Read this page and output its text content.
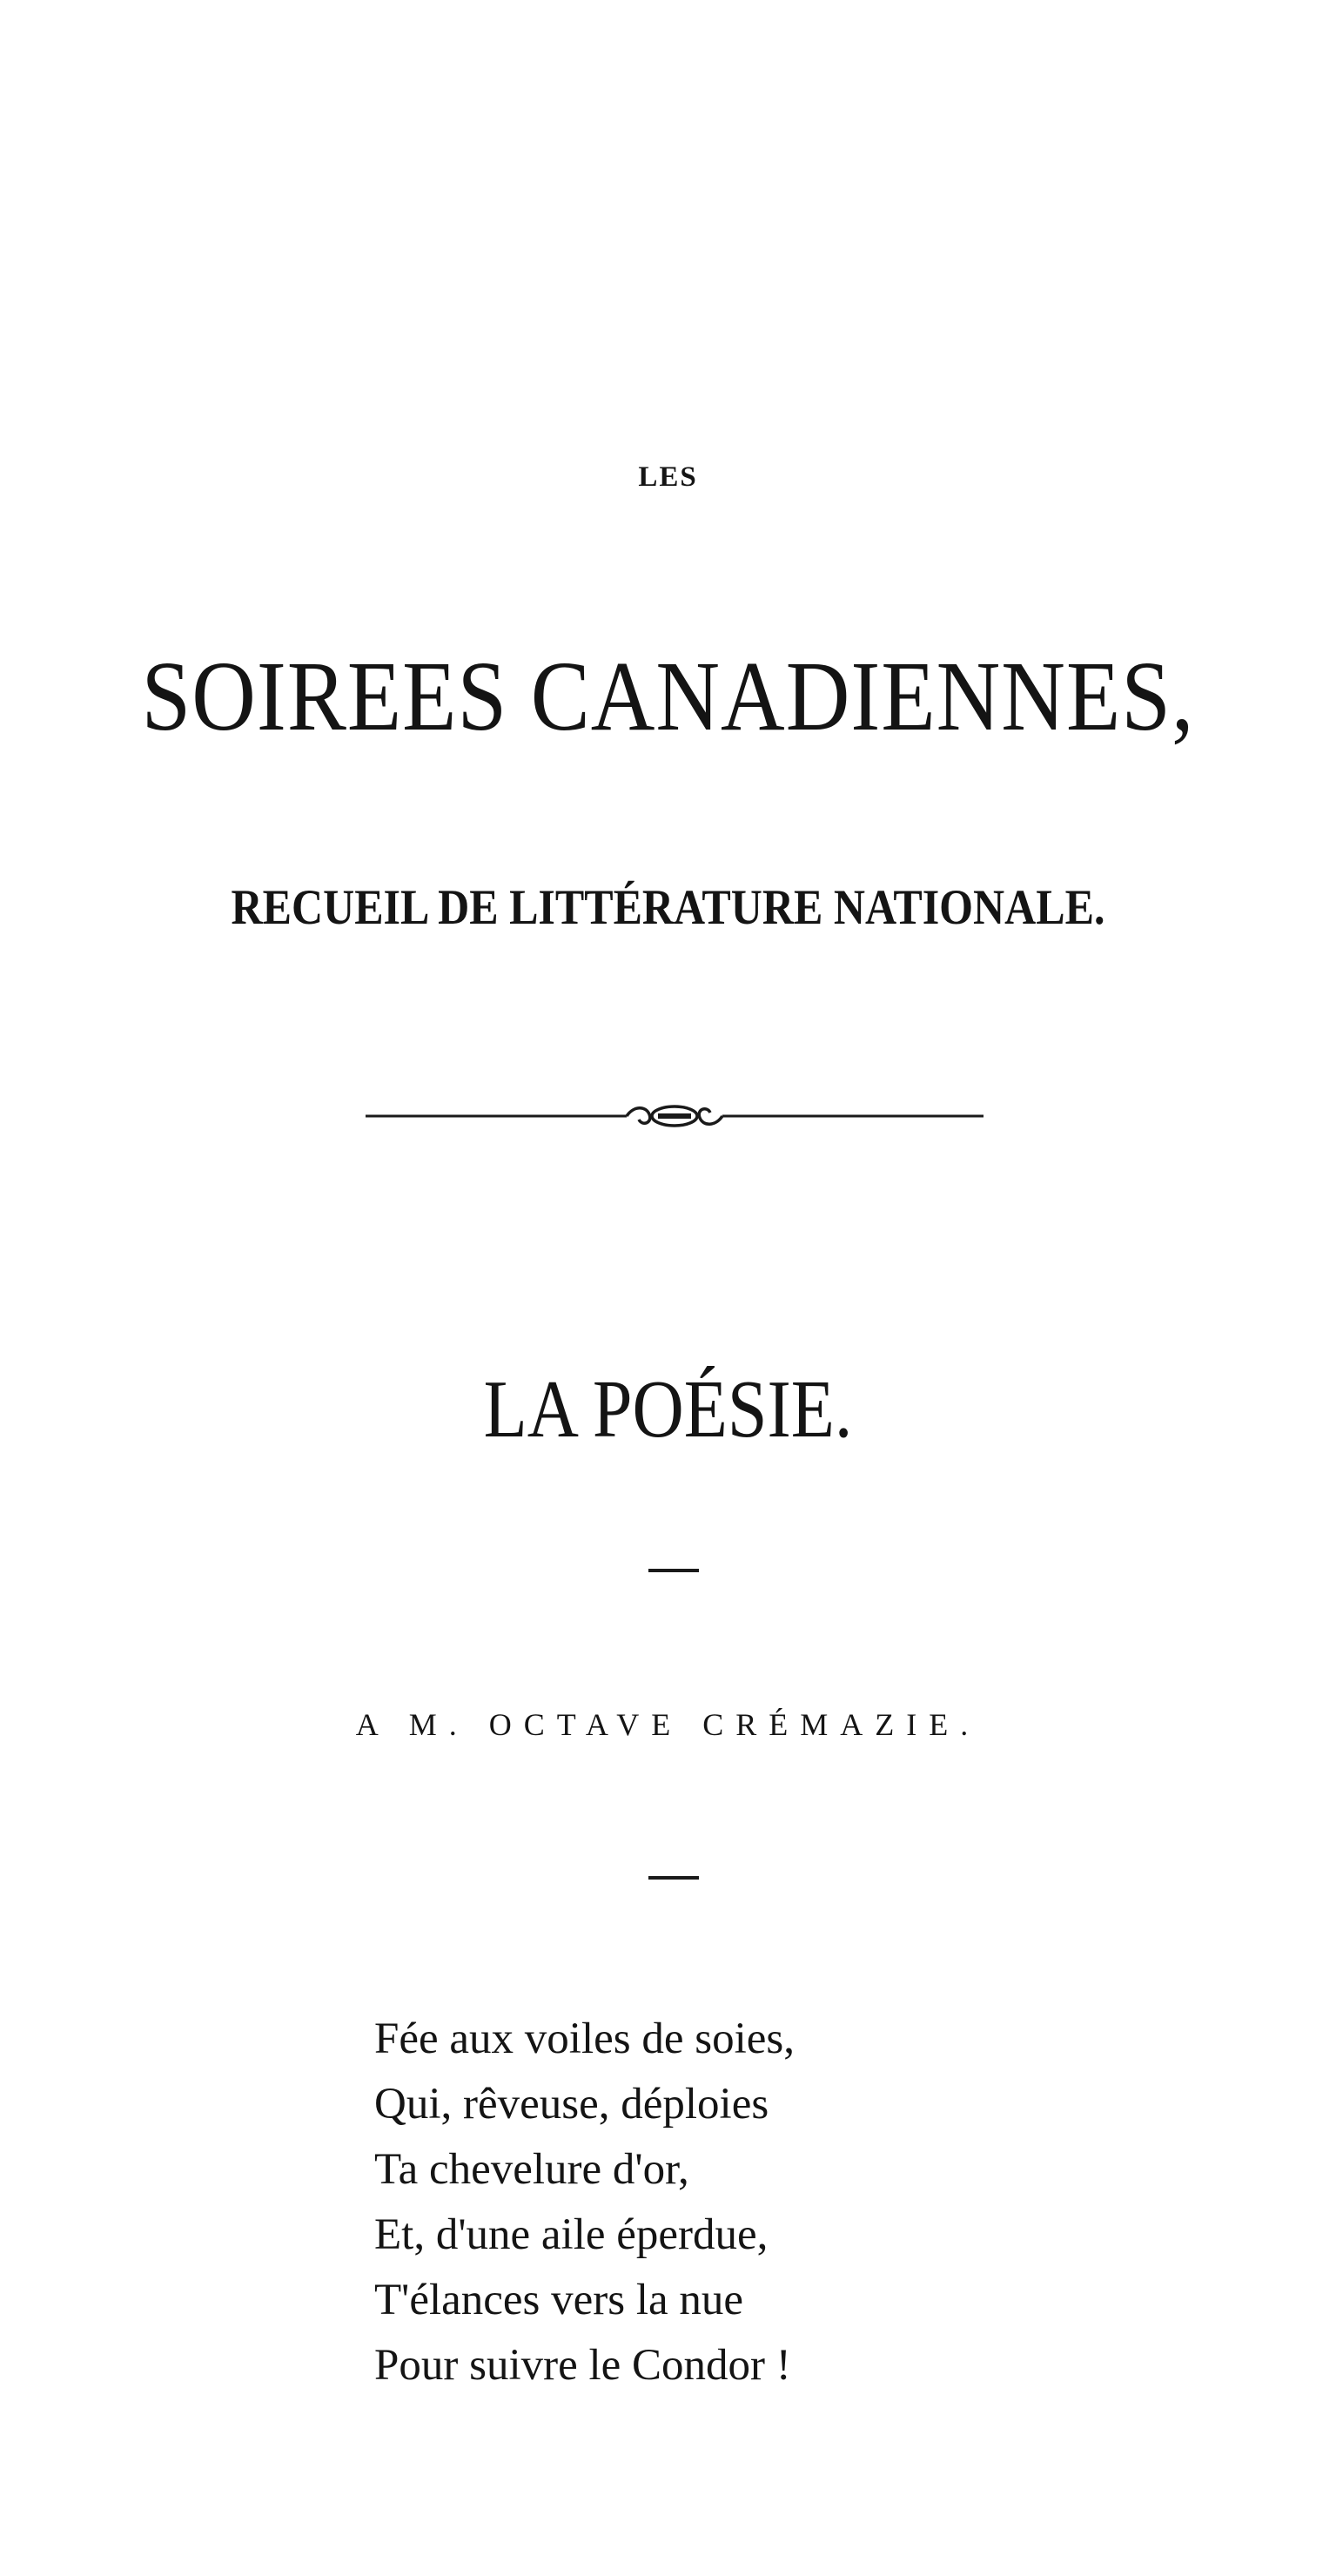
LES
SOIREES CANADIENNES,
RECUEIL DE LITTÉRATURE NATIONALE.
LA POÉSIE.
A M. OCTAVE CRÉMAZIE.
Fée aux voiles de soies,
Qui, rêveuse, déploies
Ta chevelure d'or,
Et, d'une aile éperdue,
T'élances vers la nue
Pour suivre le Condor !
